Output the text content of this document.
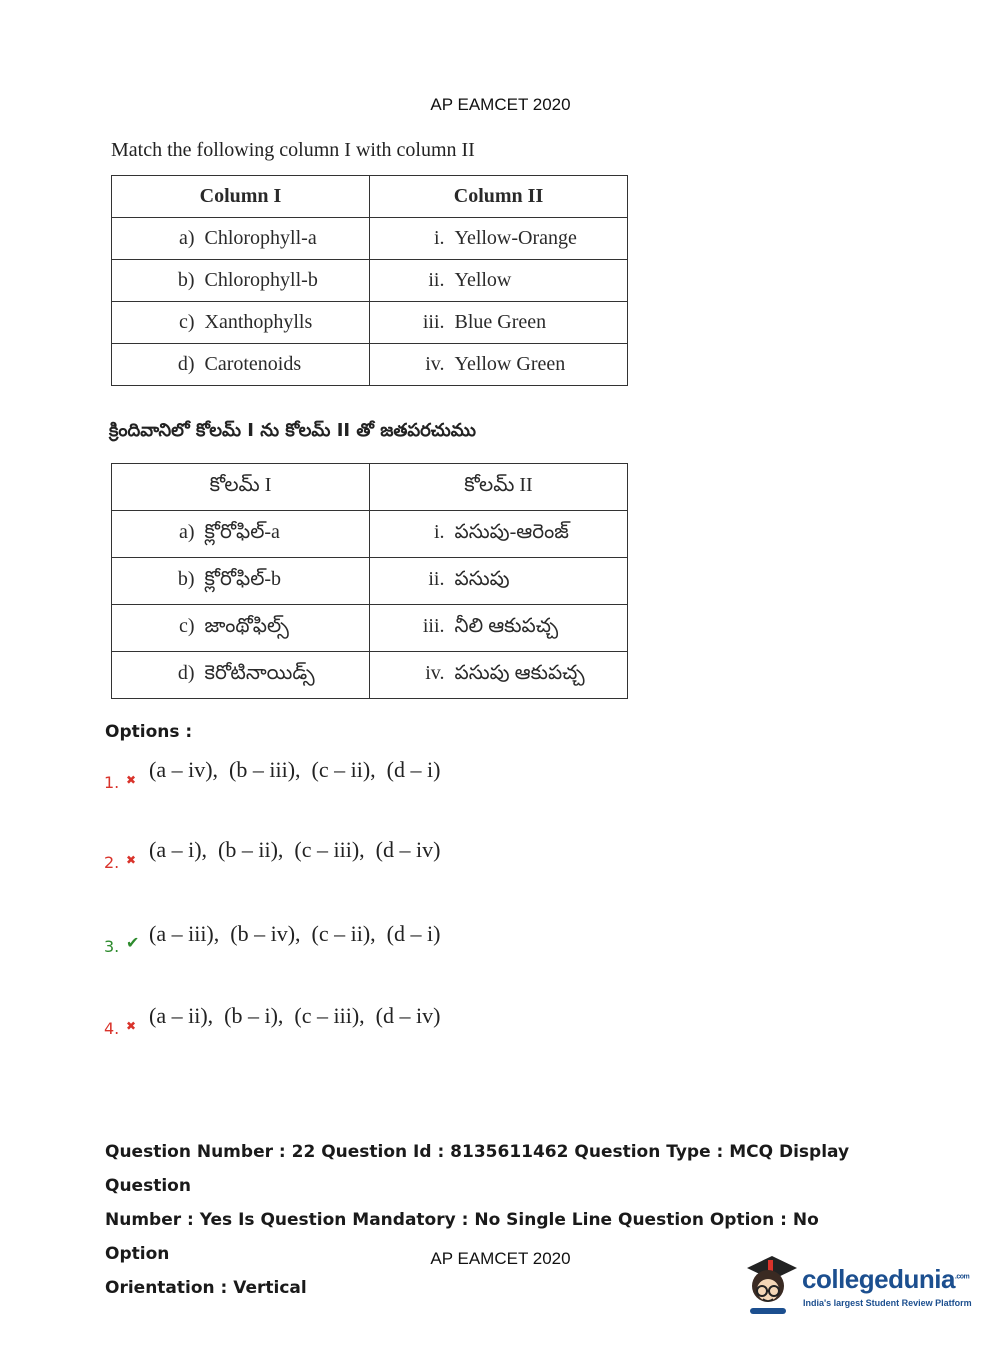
AP EAMCET 2020
Match the following column I with column II
Column I	Column II
a) Chlorophyll-a	i. Yellow-Orange
b) Chlorophyll-b	ii. Yellow
c) Xanthophylls	iii. Blue Green
d) Carotenoids	iv. Yellow Green
క్రిందివానిలో కోలమ్ I ను కోలమ్ II తో జతపరచుము
కోలమ్ I	కోలమ్ II
a) క్లోరోఫిల్-a	i. పసుపు-ఆరెంజ్
b) క్లోరోఫిల్-b	ii. పసుపు
c) జాంథోఫిల్స్	iii. నీలి ఆకుపచ్చ
d) కెరోటినాయిడ్స్	iv. పసుపు ఆకుపచ్చ
Options :
1. ✖ (a – iv),  (b – iii),  (c – ii),  (d – i)
2. ✖ (a – i),  (b – ii),  (c – iii),  (d – iv)
3. ✔ (a – iii),  (b – iv),  (c – ii),  (d – i)
4. ✖ (a – ii),  (b – i),  (c – iii),  (d – iv)
Question Number : 22 Question Id : 8135611462 Question Type : MCQ Display Question
Number : Yes Is Question Mandatory : No Single Line Question Option : No Option
Orientation : Vertical
AP EAMCET 2020
collegedunia$^{.com}$
India's largest Student Review Platform
